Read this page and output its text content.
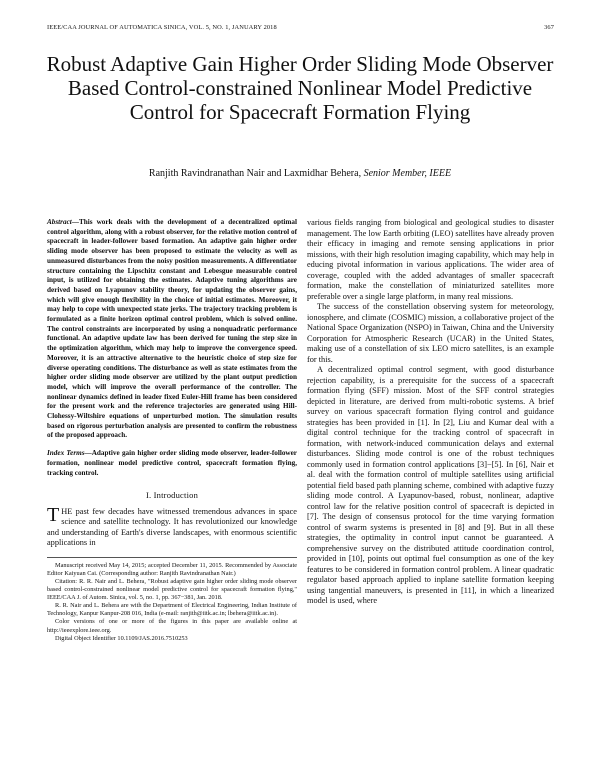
IEEE/CAA JOURNAL OF AUTOMATICA SINICA, VOL. 5, NO. 1, JANUARY 2018	367
Robust Adaptive Gain Higher Order Sliding Mode Observer Based Control-constrained Nonlinear Model Predictive Control for Spacecraft Formation Flying
Ranjith Ravindranathan Nair and Laxmidhar Behera, Senior Member, IEEE

Abstract—This work deals with the development of a decentralized optimal control algorithm, along with a robust observer, for the relative motion control of spacecraft in leader-follower based formation. An adaptive gain higher order sliding mode observer has been proposed to estimate the velocity as well as unmeasured disturbances from the noisy position measurements. A differentiator structure containing the Lipschitz constant and Lebesgue measurable control input, is utilized for obtaining the estimates. Adaptive tuning algorithms are derived based on Lyapunov stability theory, for updating the observer gains, which will give enough flexibility in the choice of initial estimates. Moreover, it may help to cope with unexpected state jerks. The trajectory tracking problem is formulated as a finite horizon optimal control problem, which is solved online. The control constraints are incorporated by using a nonquadratic performance functional. An adaptive update law has been derived for tuning the step size in the optimization algorithm, which may help to improve the convergence speed. Moreover, it is an attractive alternative to the heuristic choice of step size for diverse operating conditions. The disturbance as well as state estimates from the higher order sliding mode observer are utilized by the plant output prediction model, which will improve the overall performance of the controller. The nonlinear dynamics defined in leader fixed Euler-Hill frame has been considered for the present work and the reference trajectories are generated using Hill-Clohessy-Wiltshire equations of unperturbed motion. The simulation results based on rigorous perturbation analysis are presented to confirm the robustness of the proposed approach.

Index Terms—Adaptive gain higher order sliding mode observer, leader-follower formation, nonlinear model predictive control, spacecraft formation flying, tracking control.

I. Introduction

THE past few decades have witnessed tremendous advances in space science and satellite technology. It has revolutionized our knowledge and understanding of Earth's diverse landscapes, with enormous scientific applications in

Manuscript received May 14, 2015; accepted December 11, 2015. Recommended by Associate Editor Kaiyuan Cai. (Corresponding author: Ranjith Ravindranathan Nair.)

Citation: R. R. Nair and L. Behera, "Robust adaptive gain higher order sliding mode observer based control-constrained nonlinear model predictive control for spacecraft formation flying," IEEE/CAA J. of Autom. Sinica, vol. 5, no. 1, pp. 367−381, Jan. 2018.

R. R. Nair and L. Behera are with the Department of Electrical Engineering, Indian Institute of Technology, Kanpur Kanpur-208 016, India (e-mail: ranjith@iitk.ac.in; lbehera@iitk.ac.in).

Color versions of one or more of the figures in this paper are available online at http://ieeexplore.ieee.org.

Digital Object Identifier 10.1109/JAS.2016.7510253

various fields ranging from biological and geological studies to disaster management. The low Earth orbiting (LEO) satellites have already proven their efficacy in imaging and remote sensing applications in prior missions, with their high resolution imaging capability, which may help in educing pivotal information in various applications. The wider area of coverage, coupled with the added advantages of smaller spacecraft formation, make the constellation of miniaturized satellites more preferable over a single large platform, in many real missions.

The success of the constellation observing system for meteorology, ionosphere, and climate (COSMIC) mission, a collaborative project of the National Space Organization (NSPO) in Taiwan, China and the University Corporation for Atmospheric Research (UCAR) in the United States, making use of a constellation of six LEO micro satellites, is an example for this.

A decentralized optimal control segment, with good disturbance rejection capability, is a prerequisite for the success of a spacecraft formation flying (SFF) mission. Most of the SFF control strategies depicted in literature, are derived from multi-robotic systems. A brief survey on various spacecraft formation flying control and guidance strategies has been provided in [1]. In [2], Liu and Kumar deal with a digital control technique for the tracking control of spacecraft in formation, with network-induced communication delays and external disturbances. Sliding mode control is one of the robust techniques commonly used in formation control applications [3]−[5]. In [6], Nair et al. deal with the formation control of multiple satellites using artificial potential field based path planning scheme, combined with adaptive fuzzy sliding mode control. A Lyapunov-based, robust, nonlinear, adaptive control law for the relative position control of spacecraft is depicted in [7]. The design of consensus protocol for the time varying formation control of swarm systems is presented in [8] and [9]. But in all these strategies, the optimality in control input cannot be guaranteed. A comprehensive survey on the distributed attitude coordination control, provided in [10], points out optimal fuel consumption as one of the key features to be considered in formation control problem. A linear quadratic regulator based approach applied to inplane satellite formation keeping using tangential maneuvers, is presented in [11], in which a linearized model is used, where
